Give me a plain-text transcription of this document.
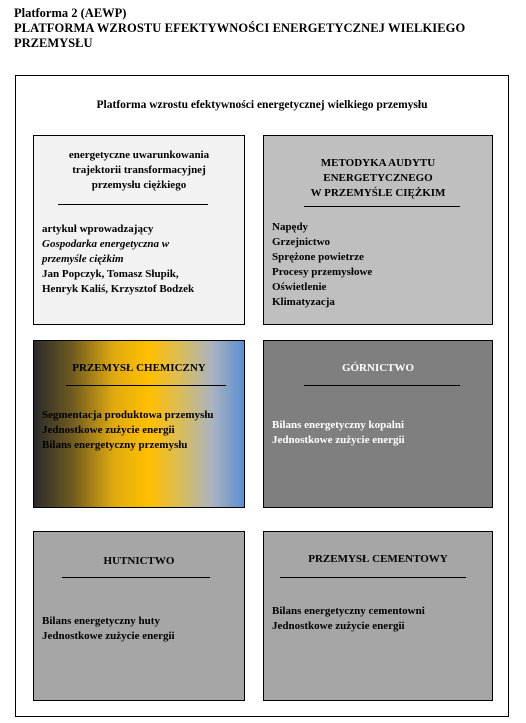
Platforma 2 (AEWP)
PLATFORMA WZROSTU EFEKTYWNOŚCI ENERGETYCZNEJ WIELKIEGO
PRZEMYSŁU
Platforma wzrostu efektywności energetycznej wielkiego przemysłu
energetyczne uwarunkowania
trajektorii transformacyjnej
przemysłu ciężkiego
artykuł wprowadzający
Gospodarka energetyczna w
przemyśle ciężkim
Jan Popczyk, Tomasz Słupik,
Henryk Kaliś, Krzysztof Bodzek
METODYKA AUDYTU
ENERGETYCZNEGO
W PRZEMYŚLE CIĘŻKIM
Napędy
Grzejnictwo
Sprężone powietrze
Procesy przemysłowe
Oświetlenie
Klimatyzacja
PRZEMYSŁ CHEMICZNY
Segmentacja produktowa przemysłu
Jednostkowe zużycie energii
Bilans energetyczny przemysłu
GÓRNICTWO
Bilans energetyczny kopalni
Jednostkowe zużycie energii
HUTNICTWO
Bilans energetyczny huty
Jednostkowe zużycie energii
PRZEMYSŁ CEMENTOWY
Bilans energetyczny cementowni
Jednostkowe zużycie energii
